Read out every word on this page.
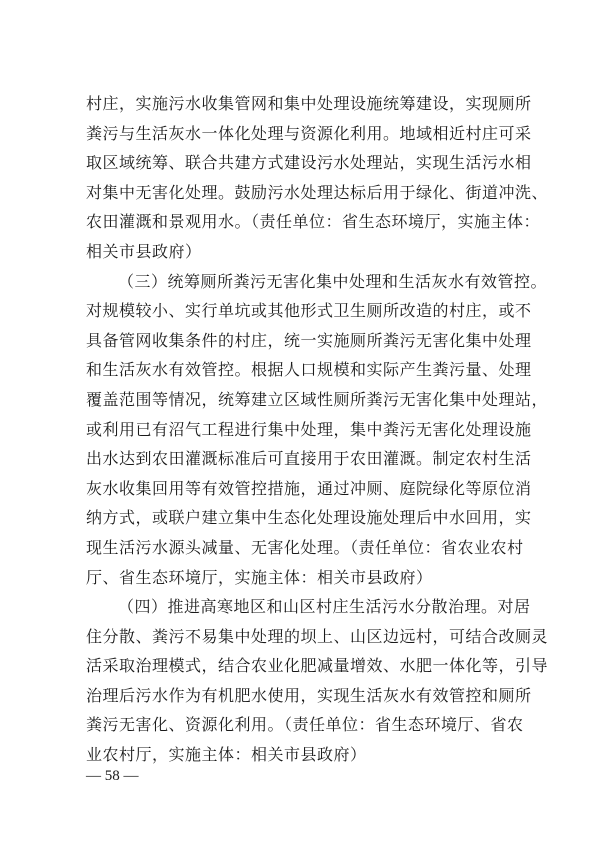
村庄，实施污水收集管网和集中处理设施统筹建设，实现厕所
粪污与生活灰水一体化处理与资源化利用。地域相近村庄可采
取区域统筹、联合共建方式建设污水处理站，实现生活污水相
对集中无害化处理。鼓励污水处理达标后用于绿化、街道冲洗、
农田灌溉和景观用水。（责任单位：省生态环境厅，实施主体：
相关市县政府）
（三）统筹厕所粪污无害化集中处理和生活灰水有效管控。
对规模较小、实行单坑或其他形式卫生厕所改造的村庄，或不
具备管网收集条件的村庄，统一实施厕所粪污无害化集中处理
和生活灰水有效管控。根据人口规模和实际产生粪污量、处理
覆盖范围等情况，统筹建立区域性厕所粪污无害化集中处理站，
或利用已有沼气工程进行集中处理，集中粪污无害化处理设施
出水达到农田灌溉标准后可直接用于农田灌溉。制定农村生活
灰水收集回用等有效管控措施，通过冲厕、庭院绿化等原位消
纳方式，或联户建立集中生态化处理设施处理后中水回用，实
现生活污水源头减量、无害化处理。（责任单位：省农业农村
厅、省生态环境厅，实施主体：相关市县政府）
（四）推进高寒地区和山区村庄生活污水分散治理。对居
住分散、粪污不易集中处理的坝上、山区边远村，可结合改厕灵
活采取治理模式，结合农业化肥减量增效、水肥一体化等，引导
治理后污水作为有机肥水使用，实现生活灰水有效管控和厕所
粪污无害化、资源化利用。（责任单位：省生态环境厅、省农
业农村厅，实施主体：相关市县政府）
— 58 —
